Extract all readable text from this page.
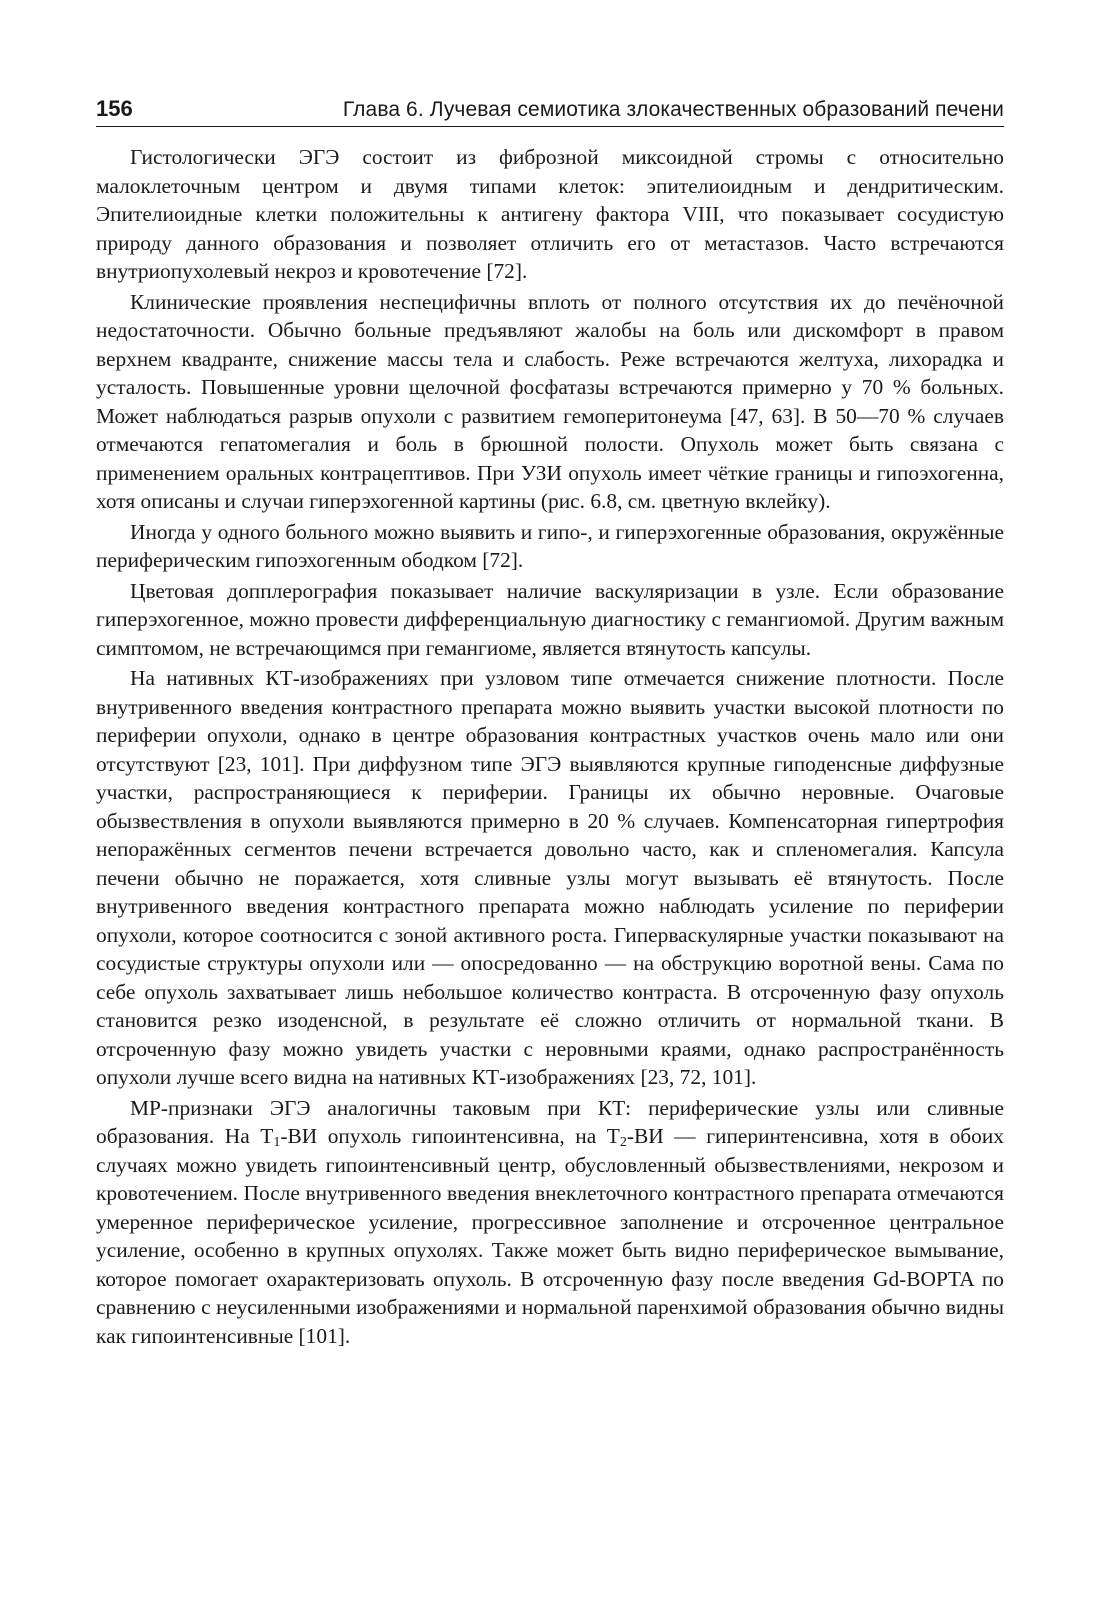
156	Глава 6. Лучевая семиотика злокачественных образований печени

Гистологически ЭГЭ состоит из фиброзной миксоидной стромы с относительно малоклеточным центром и двумя типами клеток: эпителиоидным и дендритическим. Эпителиоидные клетки положительны к антигену фактора VIII, что показывает сосудистую природу данного образования и позволяет отличить его от метастазов. Часто встречаются внутриопухолевый некроз и кровотечение [72].

Клинические проявления неспецифичны вплоть от полного отсутствия их до печёночной недостаточности. Обычно больные предъявляют жалобы на боль или дискомфорт в правом верхнем квадранте, снижение массы тела и слабость. Реже встречаются желтуха, лихорадка и усталость. Повышенные уровни щелочной фосфатазы встречаются примерно у 70 % больных. Может наблюдаться разрыв опухоли с развитием гемоперитонеума [47, 63]. В 50—70 % случаев отмечаются гепатомегалия и боль в брюшной полости. Опухоль может быть связана с применением оральных контрацептивов. При УЗИ опухоль имеет чёткие границы и гипоэхогенна, хотя описаны и случаи гиперэхогенной картины (рис. 6.8, см. цветную вклейку).

Иногда у одного больного можно выявить и гипо-, и гиперэхогенные образования, окружённые периферическим гипоэхогенным ободком [72].

Цветовая допплерография показывает наличие васкуляризации в узле. Если образование гиперэхогенное, можно провести дифференциальную диагностику с гемангиомой. Другим важным симптомом, не встречающимся при гемангиоме, является втянутость капсулы.

На нативных КТ-изображениях при узловом типе отмечается снижение плотности. После внутривенного введения контрастного препарата можно выявить участки высокой плотности по периферии опухоли, однако в центре образования контрастных участков очень мало или они отсутствуют [23, 101]. При диффузном типе ЭГЭ выявляются крупные гиподенсные диффузные участки, распространяющиеся к периферии. Границы их обычно неровные. Очаговые обызвествления в опухоли выявляются примерно в 20 % случаев. Компенсаторная гипертрофия непоражённых сегментов печени встречается довольно часто, как и спленомегалия. Капсула печени обычно не поражается, хотя сливные узлы могут вызывать её втянутость. После внутривенного введения контрастного препарата можно наблюдать усиление по периферии опухоли, которое соотносится с зоной активного роста. Гиперваскулярные участки показывают на сосудистые структуры опухоли или — опосредованно — на обструкцию воротной вены. Сама по себе опухоль захватывает лишь небольшое количество контраста. В отсроченную фазу опухоль становится резко изоденсной, в результате её сложно отличить от нормальной ткани. В отсроченную фазу можно увидеть участки с неровными краями, однако распространённость опухоли лучше всего видна на нативных КТ-изображениях [23, 72, 101].

МР-признаки ЭГЭ аналогичны таковым при КТ: периферические узлы или сливные образования. На $Т_1-ВИ$ опухоль гипоинтенсивна, на $Т_2-ВИ$ — гиперинтенсивна, хотя в обоих случаях можно увидеть гипоинтенсивный центр, обусловленный обызвествлениями, некрозом и кровотечением. После внутривенного введения внеклеточного контрастного препарата отмечаются умеренное периферическое усиление, прогрессивное заполнение и отсроченное центральное усиление, особенно в крупных опухолях. Также может быть видно периферическое вымывание, которое помогает охарактеризовать опухоль. В отсроченную фазу после введения Gd-BOPTA по сравнению с неусиленными изображениями и нормальной паренхимой образования обычно видны как гипоинтенсивные [101].
